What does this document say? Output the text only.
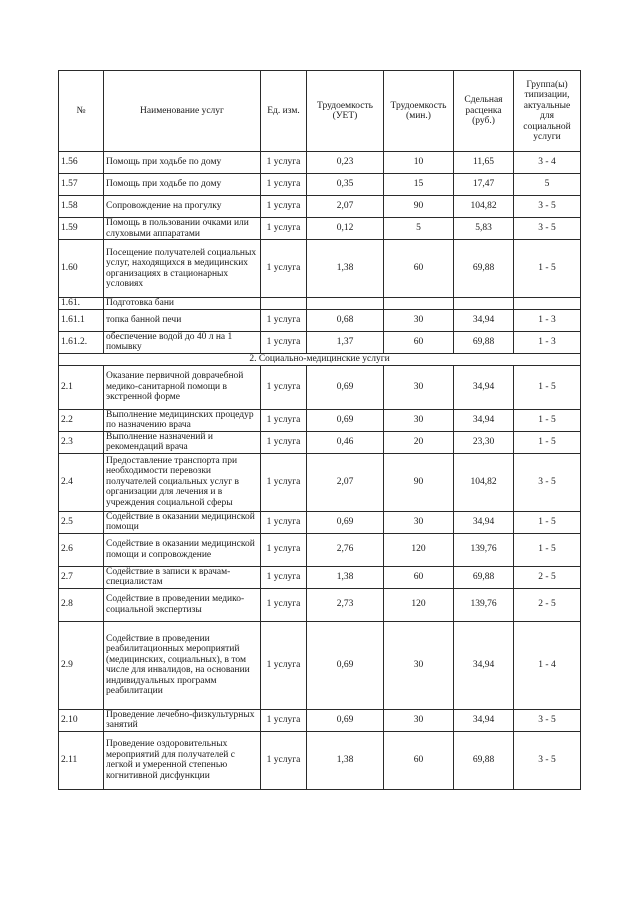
№	Наименование услуг	Ед. изм.	Трудоемкость (УЕТ)	Трудоемкость (мин.)	Сдельная расценка (руб.)	Группа(ы) типизации, актуальные для социальной услуги
1.56	Помощь при ходьбе по дому	1 услуга	0,23	10	11,65	3 - 4
1.57	Помощь при ходьбе по дому	1 услуга	0,35	15	17,47	5
1.58	Сопровождение на прогулку	1 услуга	2,07	90	104,82	3 - 5
1.59	Помощь в пользовании очками или слуховыми аппаратами	1 услуга	0,12	5	5,83	3 - 5
1.60	Посещение получателей социальных услуг, находящихся в медицинских организациях в стационарных условиях	1 услуга	1,38	60	69,88	1 - 5
1.61.	Подготовка бани					
1.61.1	топка банной печи	1 услуга	0,68	30	34,94	1 - 3
1.61.2.	обеспечение водой до 40 л на 1 помывку	1 услуга	1,37	60	69,88	1 - 3
2. Социально-медицинские услуги						
2.1	Оказание первичной доврачебной медико-санитарной помощи в экстренной форме	1 услуга	0,69	30	34,94	1 - 5
2.2	Выполнение медицинских процедур по назначению врача	1 услуга	0,69	30	34,94	1 - 5
2.3	Выполнение назначений и рекомендаций врача	1 услуга	0,46	20	23,30	1 - 5
2.4	Предоставление транспорта при необходимости перевозки получателей социальных услуг в организации для лечения и в учреждения социальной сферы	1 услуга	2,07	90	104,82	3 - 5
2.5	Содействие в оказании медицинской помощи	1 услуга	0,69	30	34,94	1 - 5
2.6	Содействие в оказании медицинской помощи и сопровождение	1 услуга	2,76	120	139,76	1 - 5
2.7	Содействие в записи к врачам-специалистам	1 услуга	1,38	60	69,88	2 - 5
2.8	Содействие в проведении медико-социальной экспертизы	1 услуга	2,73	120	139,76	2 - 5
2.9	Содействие в проведении реабилитационных мероприятий (медицинских, социальных), в том числе для инвалидов, на основании индивидуальных программ реабилитации	1 услуга	0,69	30	34,94	1 - 4
2.10	Проведение лечебно-физкультурных занятий	1 услуга	0,69	30	34,94	3 - 5
2.11	Проведение оздоровительных мероприятий для получателей с легкой и умеренной степенью когнитивной дисфункции	1 услуга	1,38	60	69,88	3 - 5
